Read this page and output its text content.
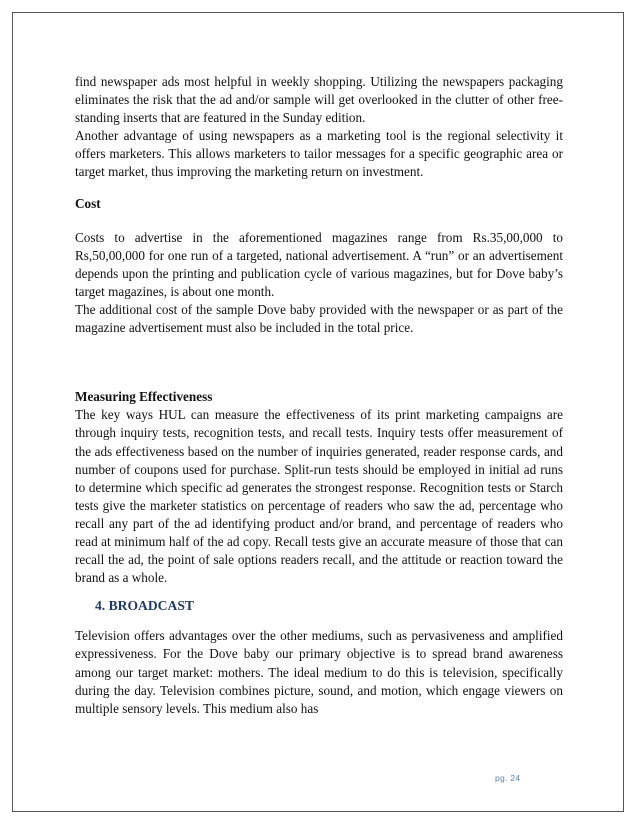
find newspaper ads most helpful in weekly shopping. Utilizing the newspapers packaging eliminates the risk that the ad and/or sample will get overlooked in the clutter of other free-standing inserts that are featured in the Sunday edition.

Another advantage of using newspapers as a marketing tool is the regional selectivity it offers marketers. This allows marketers to tailor messages for a specific geographic area or target market, thus improving the marketing return on investment.

Cost

Costs to advertise in the aforementioned magazines range from Rs.35,00,000 to Rs,50,00,000 for one run of a targeted, national advertisement. A “run” or an advertisement depends upon the printing and publication cycle of various magazines, but for Dove baby’s target magazines, is about one month.

The additional cost of the sample Dove baby provided with the newspaper or as part of the magazine advertisement must also be included in the total price.

Measuring Effectiveness

The key ways HUL can measure the effectiveness of its print marketing campaigns are through inquiry tests, recognition tests, and recall tests. Inquiry tests offer measurement of the ads effectiveness based on the number of inquiries generated, reader response cards, and number of coupons used for purchase. Split-run tests should be employed in initial ad runs to determine which specific ad generates the strongest response. Recognition tests or Starch tests give the marketer statistics on percentage of readers who saw the ad, percentage who recall any part of the ad identifying product and/or brand, and percentage of readers who read at minimum half of the ad copy. Recall tests give an accurate measure of those that can recall the ad, the point of sale options readers recall, and the attitude or reaction toward the brand as a whole.

4. BROADCAST

Television offers advantages over the other mediums, such as pervasiveness and amplified expressiveness. For the Dove baby our primary objective is to spread brand awareness among our target market: mothers. The ideal medium to do this is television, specifically during the day. Television combines picture, sound, and motion, which engage viewers on multiple sensory levels. This medium also has

pg. 24
